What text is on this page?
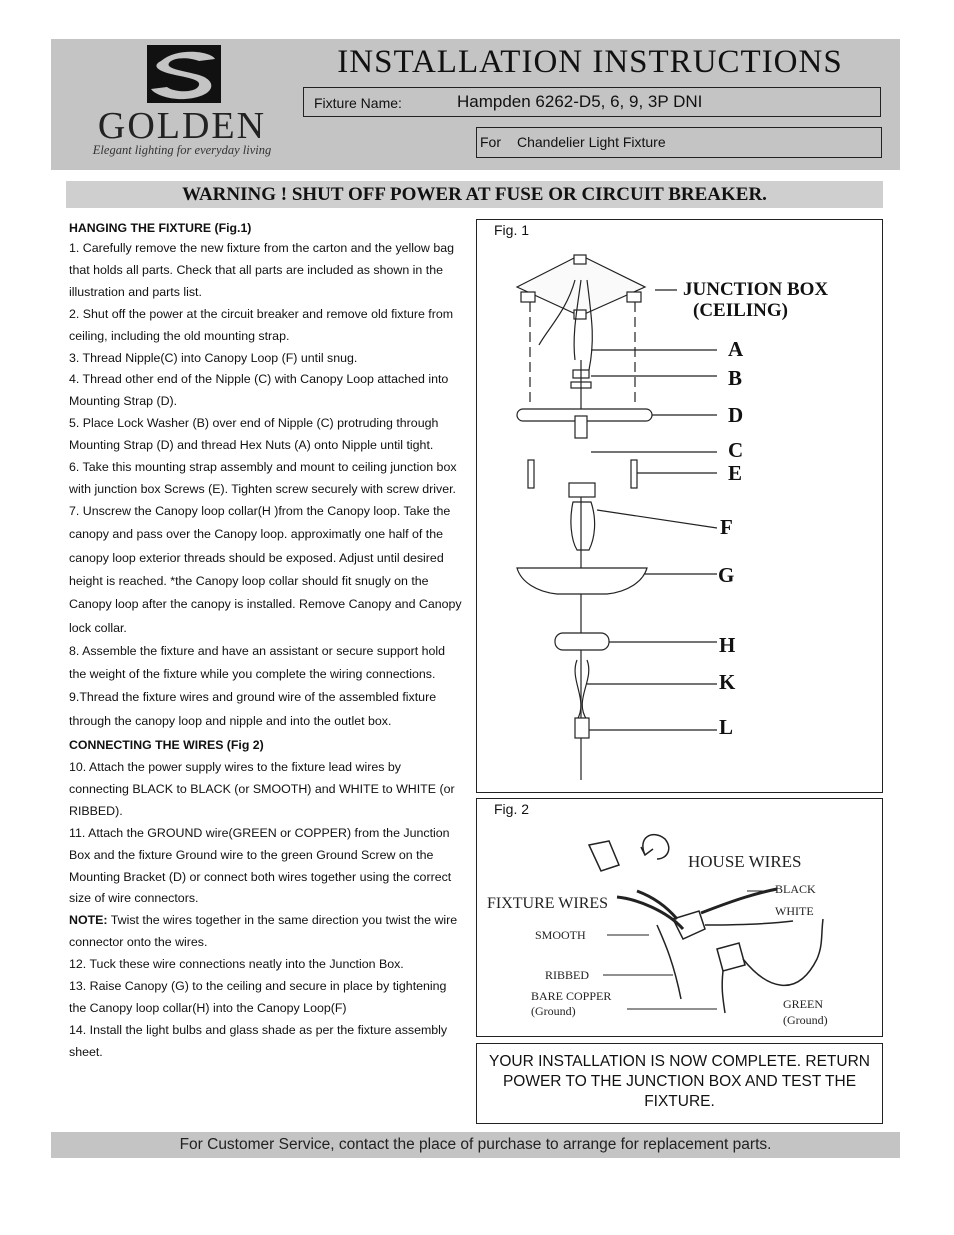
GOLDEN
Elegant lighting for everyday living
INSTALLATION INSTRUCTIONS
Fixture Name:	Hampden 6262-D5, 6, 9, 3P DNI
For Chandelier Light Fixture
WARNING ! SHUT OFF POWER AT FUSE OR CIRCUIT BREAKER.

HANGING THE FIXTURE (Fig.1)

1. Carefully remove the new fixture from the carton and the yellow bag that holds all parts. Check that all parts are included as shown in the illustration and parts list.

2. Shut off the power at the circuit breaker and remove old fixture from ceiling, including the old mounting strap.

3. Thread Nipple(C) into Canopy Loop (F) until snug.

4. Thread other end of the Nipple (C) with Canopy Loop attached into Mounting Strap (D).

5. Place Lock Washer (B) over end of Nipple (C) protruding through Mounting Strap (D) and thread Hex Nuts (A) onto Nipple until tight.

6. Take this mounting strap assembly and mount to ceiling junction box with junction box Screws (E). Tighten screw securely with screw driver.

7. Unscrew the Canopy loop collar(H )from the Canopy loop. Take the canopy and pass over the Canopy loop. approximatly one half of the canopy loop exterior threads should be exposed. Adjust until desired height is reached. *the Canopy loop collar should fit snugly on the Canopy loop after the canopy is installed. Remove Canopy and Canopy lock collar.

8. Assemble the fixture and have an assistant or secure support hold the weight of the fixture while you complete the wiring connections.

9.Thread the fixture wires and ground wire of the assembled fixture through the canopy loop and nipple and into the outlet box.

CONNECTING THE WIRES (Fig 2)

10. Attach the power supply wires to the fixture lead wires by connecting BLACK to BLACK (or SMOOTH) and WHITE to WHITE (or RIBBED).

11. Attach the GROUND wire(GREEN or COPPER) from the Junction Box and the fixture Ground wire to the green Ground Screw on the Mounting Bracket (D) or connect both wires together using the correct size of wire connectors.

NOTE: Twist the wires together in the same direction you twist the wire connector onto the wires.

12. Tuck these wire connections neatly into the Junction Box.

13. Raise Canopy (G) to the ceiling and secure in place by tightening the Canopy loop collar(H) into the Canopy Loop(F)

14. Install the light bulbs and glass shade as per the fixture assembly sheet.

Fig. 1
JUNCTION BOX
(CEILING)
A
B
D
C
E
F
G
H
K
L
Fig. 2
HOUSE WIRES
FIXTURE WIRES
BLACK
WHITE
SMOOTH
RIBBED
BARE COPPER
(Ground)	GREEN
(Ground)
YOUR INSTALLATION IS NOW COMPLETE. RETURN POWER TO THE JUNCTION BOX AND TEST THE FIXTURE.
For Customer Service, contact the place of purchase to arrange for replacement parts.
